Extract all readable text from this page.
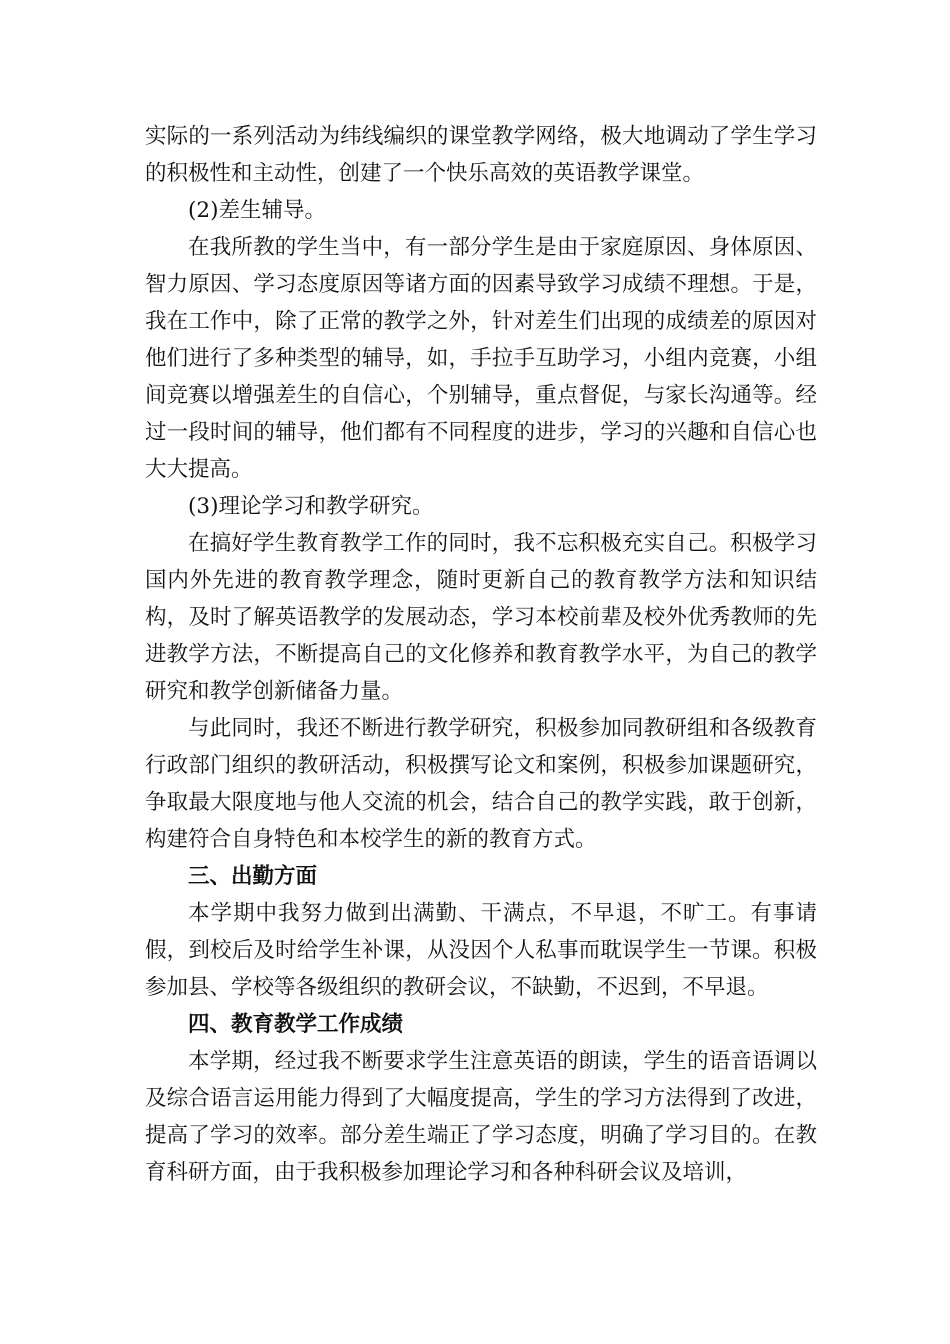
实际的一系列活动为纬线编织的课堂教学网络，极大地调动了学生学习的积极性和主动性，创建了一个快乐高效的英语教学课堂。

(2)差生辅导。

在我所教的学生当中，有一部分学生是由于家庭原因、身体原因、智力原因、学习态度原因等诸方面的因素导致学习成绩不理想。于是，我在工作中，除了正常的教学之外，针对差生们出现的成绩差的原因对他们进行了多种类型的辅导，如，手拉手互助学习，小组内竞赛，小组间竞赛以增强差生的自信心，个别辅导，重点督促，与家长沟通等。经过一段时间的辅导，他们都有不同程度的进步，学习的兴趣和自信心也大大提高。

(3)理论学习和教学研究。

在搞好学生教育教学工作的同时，我不忘积极充实自己。积极学习国内外先进的教育教学理念，随时更新自己的教育教学方法和知识结构，及时了解英语教学的发展动态，学习本校前辈及校外优秀教师的先进教学方法，不断提高自己的文化修养和教育教学水平，为自己的教学研究和教学创新储备力量。

与此同时，我还不断进行教学研究，积极参加同教研组和各级教育行政部门组织的教研活动，积极撰写论文和案例，积极参加课题研究，争取最大限度地与他人交流的机会，结合自己的教学实践，敢于创新，构建符合自身特色和本校学生的新的教育方式。

三、出勤方面

本学期中我努力做到出满勤、干满点，不早退，不旷工。有事请假，到校后及时给学生补课，从没因个人私事而耽误学生一节课。积极参加县、学校等各级组织的教研会议，不缺勤，不迟到，不早退。

四、教育教学工作成绩

本学期，经过我不断要求学生注意英语的朗读，学生的语音语调以及综合语言运用能力得到了大幅度提高，学生的学习方法得到了改进，提高了学习的效率。部分差生端正了学习态度，明确了学习目的。在教育科研方面，由于我积极参加理论学习和各种科研会议及培训，
